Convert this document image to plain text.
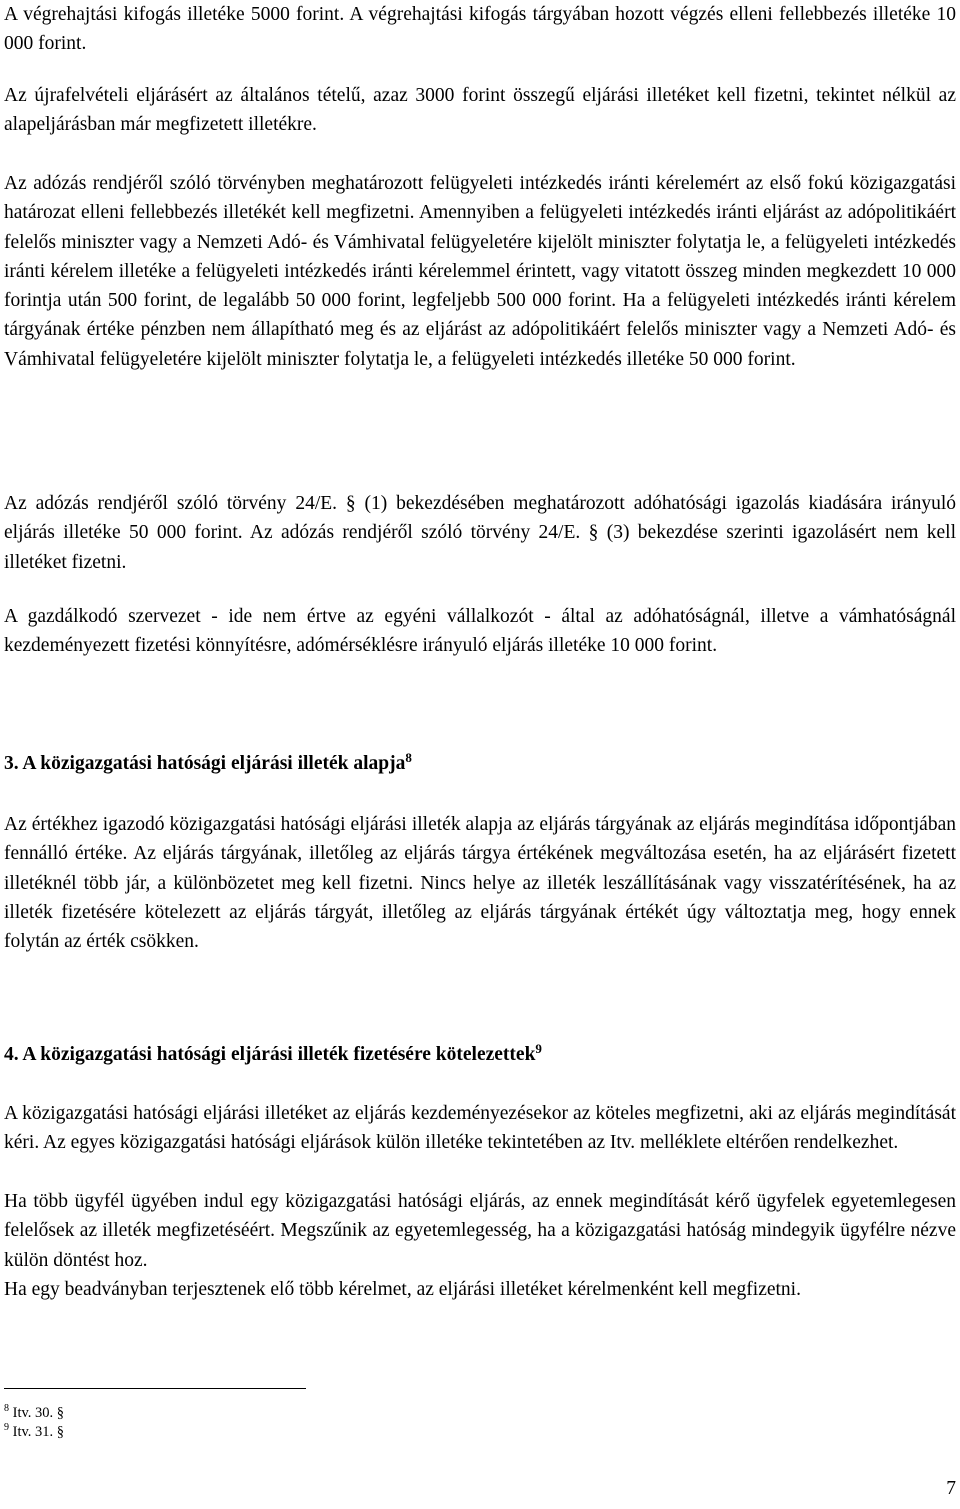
A végrehajtási kifogás illetéke 5000 forint. A végrehajtási kifogás tárgyában hozott végzés elleni fellebbezés illetéke 10 000 forint.

Az újrafelvételi eljárásért az általános tételű, azaz 3000 forint összegű eljárási illetéket kell fizetni, tekintet nélkül az alapeljárásban már megfizetett illetékre.

Az adózás rendjéről szóló törvényben meghatározott felügyeleti intézkedés iránti kérelemért az első fokú közigazgatási határozat elleni fellebbezés illetékét kell megfizetni. Amennyiben a felügyeleti intézkedés iránti eljárást az adópolitikáért felelős miniszter vagy a Nemzeti Adó- és Vámhivatal felügyeletére kijelölt miniszter folytatja le, a felügyeleti intézkedés iránti kérelem illetéke a felügyeleti intézkedés iránti kérelemmel érintett, vagy vitatott összeg minden megkezdett 10 000 forintja után 500 forint, de legalább 50 000 forint, legfeljebb 500 000 forint. Ha a felügyeleti intézkedés iránti kérelem tárgyának értéke pénzben nem állapítható meg és az eljárást az adópolitikáért felelős miniszter vagy a Nemzeti Adó- és Vámhivatal felügyeletére kijelölt miniszter folytatja le, a felügyeleti intézkedés illetéke 50 000 forint.

Az adózás rendjéről szóló törvény 24/E. § (1) bekezdésében meghatározott adóhatósági igazolás kiadására irányuló eljárás illetéke 50 000 forint. Az adózás rendjéről szóló törvény 24/E. § (3) bekezdése szerinti igazolásért nem kell illetéket fizetni.

A gazdálkodó szervezet - ide nem értve az egyéni vállalkozót - által az adóhatóságnál, illetve a vámhatóságnál kezdeményezett fizetési könnyítésre, adómérséklésre irányuló eljárás illetéke 10 000 forint.

3. A közigazgatási hatósági eljárási illeték alapja$^8$

Az értékhez igazodó közigazgatási hatósági eljárási illeték alapja az eljárás tárgyának az eljárás megindítása időpontjában fennálló értéke. Az eljárás tárgyának, illetőleg az eljárás tárgya értékének megváltozása esetén, ha az eljárásért fizetett illetéknél több jár, a különbözetet meg kell fizetni. Nincs helye az illeték leszállításának vagy visszatérítésének, ha az illeték fizetésére kötelezett az eljárás tárgyát, illetőleg az eljárás tárgyának értékét úgy változtatja meg, hogy ennek folytán az érték csökken.

4. A közigazgatási hatósági eljárási illeték fizetésére kötelezettek$^9$

A közigazgatási hatósági eljárási illetéket az eljárás kezdeményezésekor az köteles megfizetni, aki az eljárás megindítását kéri. Az egyes közigazgatási hatósági eljárások külön illetéke tekintetében az Itv. melléklete eltérően rendelkezhet.

Ha több ügyfél ügyében indul egy közigazgatási hatósági eljárás, az ennek megindítását kérő ügyfelek egyetemlegesen felelősek az illeték megfizetéséért. Megszűnik az egyetemlegesség, ha a közigazgatási hatóság mindegyik ügyfélre nézve külön döntést hoz.

Ha egy beadványban terjesztenek elő több kérelmet, az eljárási illetéket kérelmenként kell megfizetni.

$^8$ Itv. 30. §
$^9$ Itv. 31. §
7
